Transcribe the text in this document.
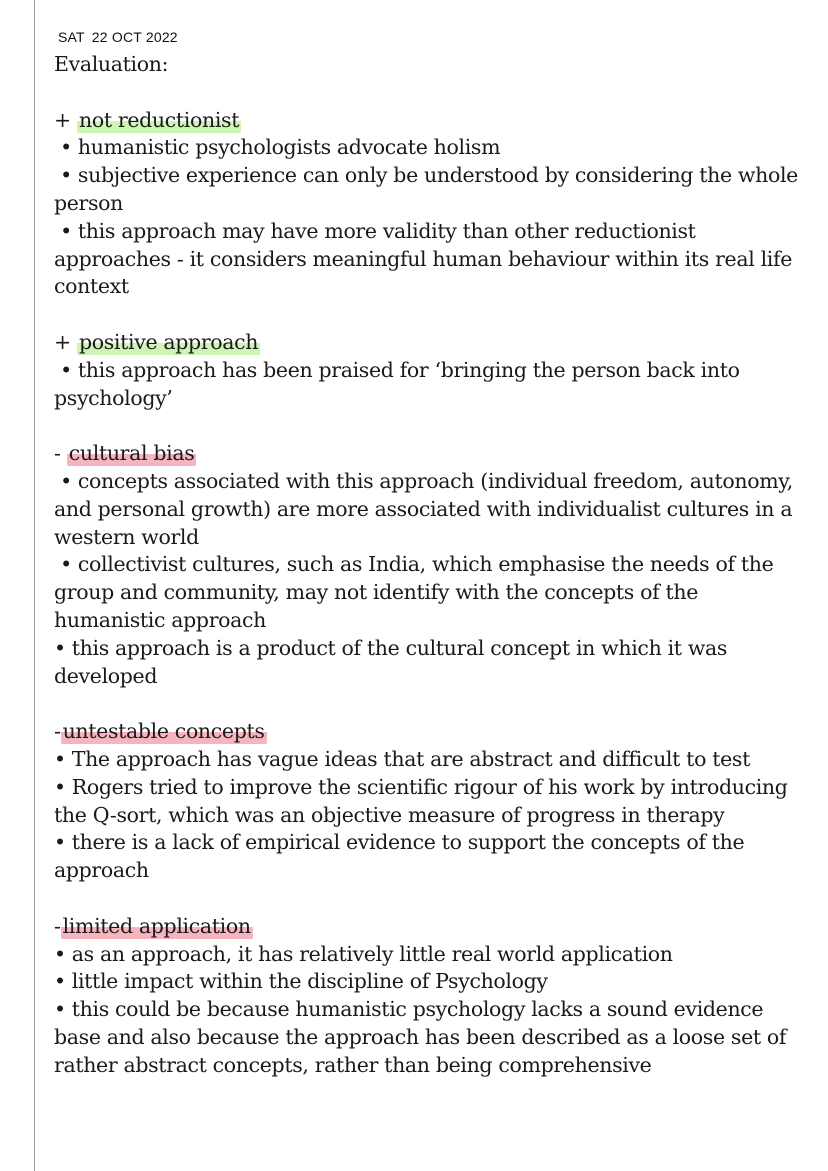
SAT 22 OCT 2022

Evaluation:

+ not reductionist

• humanistic psychologists advocate holism

• subjective experience can only be understood by considering the whole person

• this approach may have more validity than other reductionist approaches - it considers meaningful human behaviour within its real life context

+ positive approach

• this approach has been praised for ‘bringing the person back into psychology’

- cultural bias

• concepts associated with this approach (individual freedom, autonomy, and personal growth) are more associated with individualist cultures in a western world

• collectivist cultures, such as India, which emphasise the needs of the group and community, may not identify with the concepts of the humanistic approach

• this approach is a product of the cultural concept in which it was developed

-untestable concepts

• The approach has vague ideas that are abstract and difficult to test

• Rogers tried to improve the scientific rigour of his work by introducing the Q-sort, which was an objective measure of progress in therapy

• there is a lack of empirical evidence to support the concepts of the approach

-limited application

• as an approach, it has relatively little real world application

• little impact within the discipline of Psychology

• this could be because humanistic psychology lacks a sound evidence base and also because the approach has been described as a loose set of rather abstract concepts, rather than being comprehensive
